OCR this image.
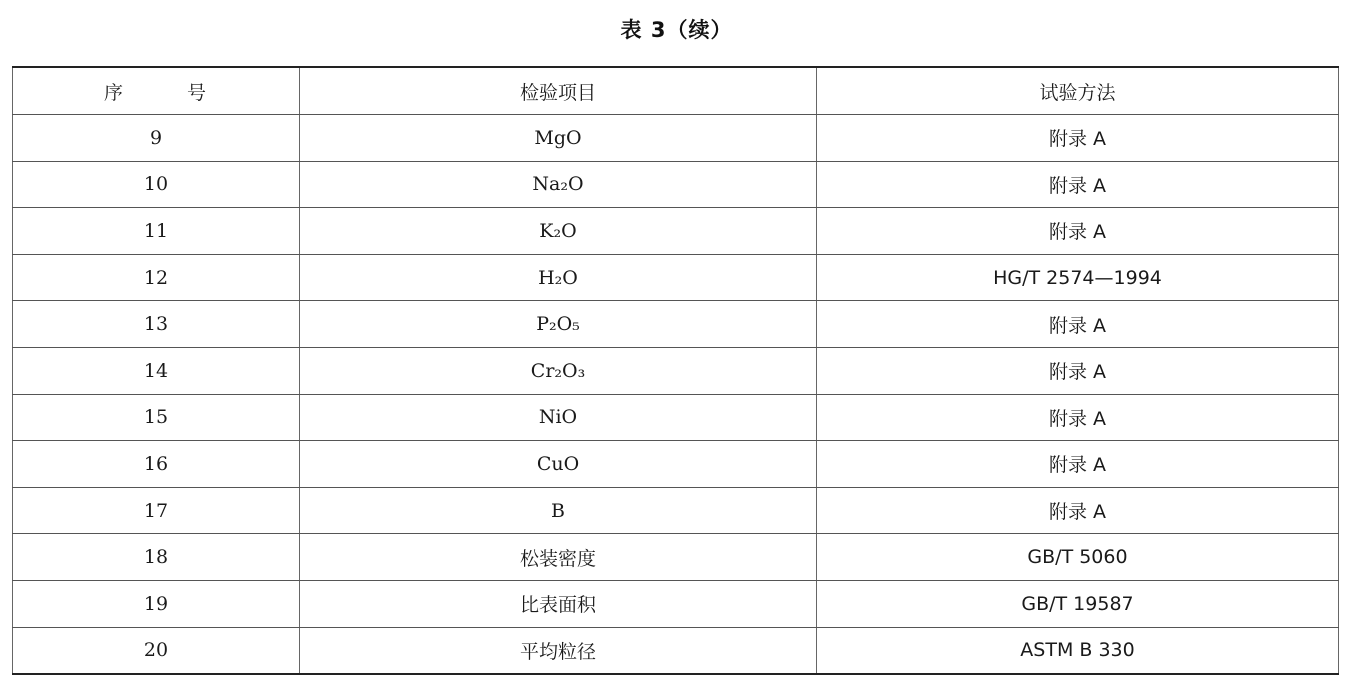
表 3（续）
序 号	检验项目	试验方法
9	MgO	附录 A
10	Na₂O	附录 A
11	K₂O	附录 A
12	H₂O	HG/T 2574—1994
13	P₂O₅	附录 A
14	Cr₂O₃	附录 A
15	NiO	附录 A
16	CuO	附录 A
17	B	附录 A
18	松装密度	GB/T 5060
19	比表面积	GB/T 19587
20	平均粒径	ASTM B 330
